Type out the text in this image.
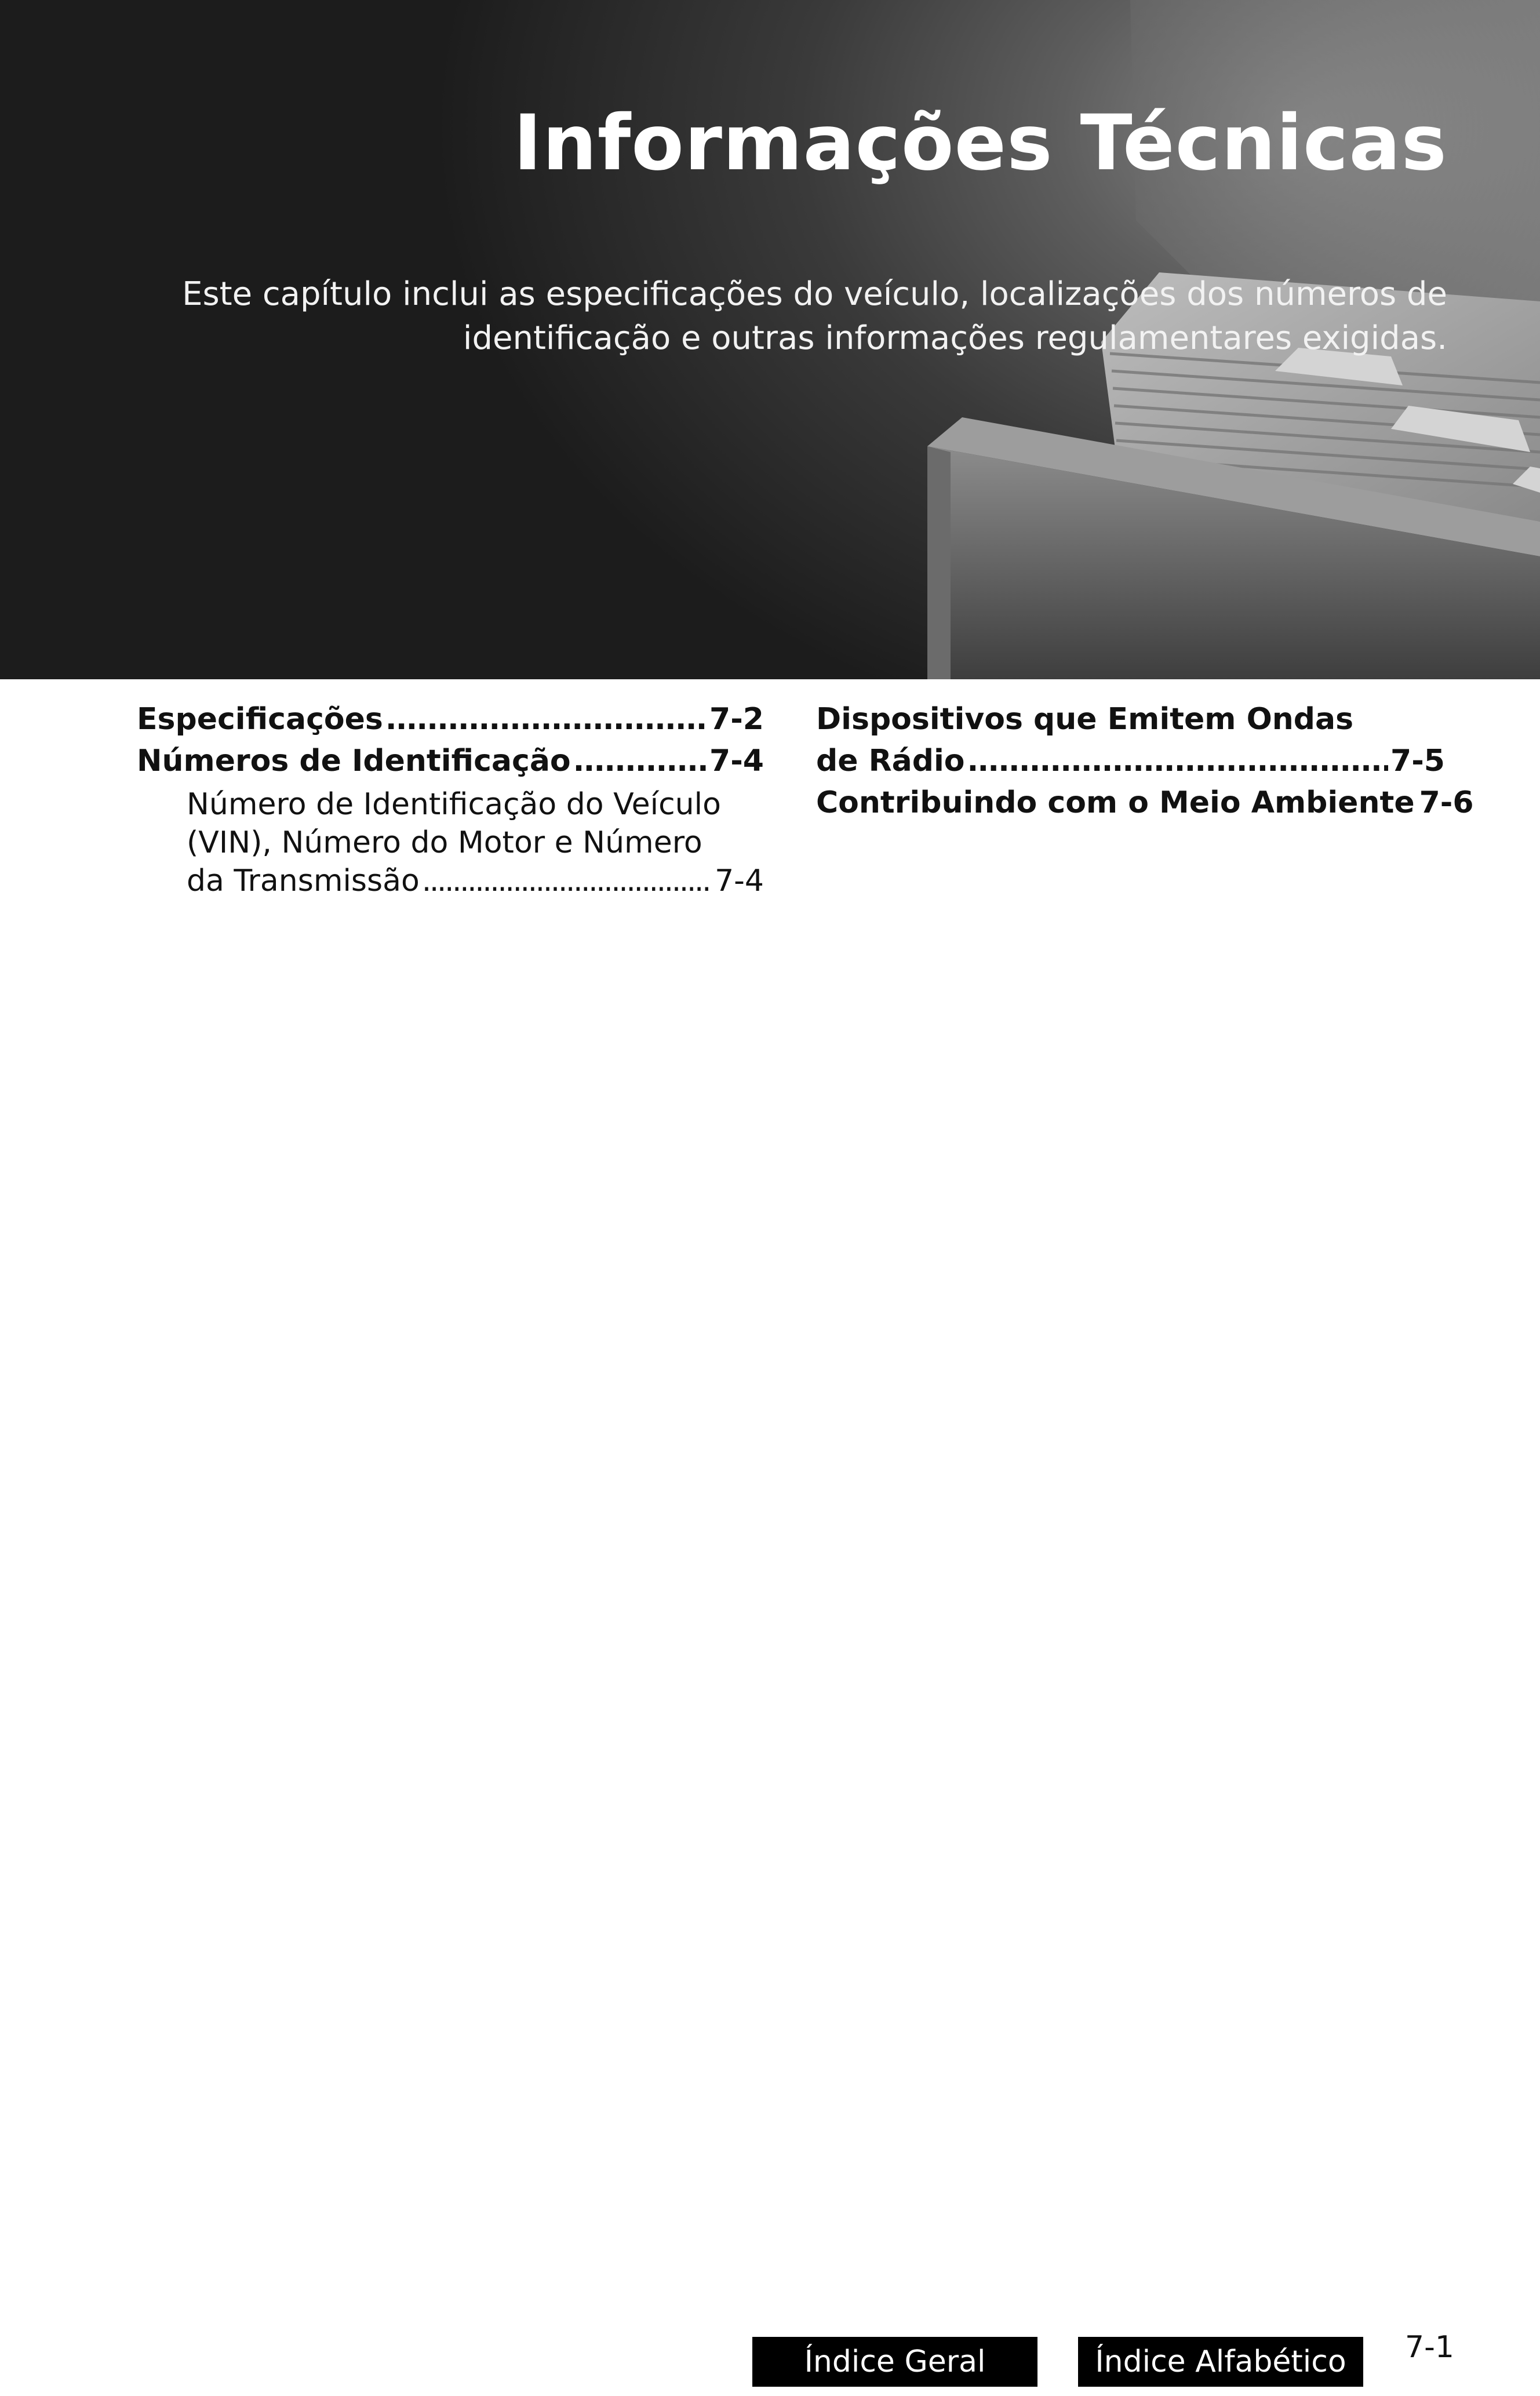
Informações Técnicas

Este capítulo inclui as especificações do veículo, localizações dos números de identificação e outras informações regulamentares exigidas.

Especificações . . .	7-2
Números de Identificação . . .	7-4
Número de Identificação do Veículo
(VIN), Número do Motor e Número
da Transmissão . . .	7-4
Dispositivos que Emitem Ondas
de Rádio . . .	7-5
Contribuindo com o Meio Ambiente 7-6
Índice Geral	Índice Alfabético	7-1
